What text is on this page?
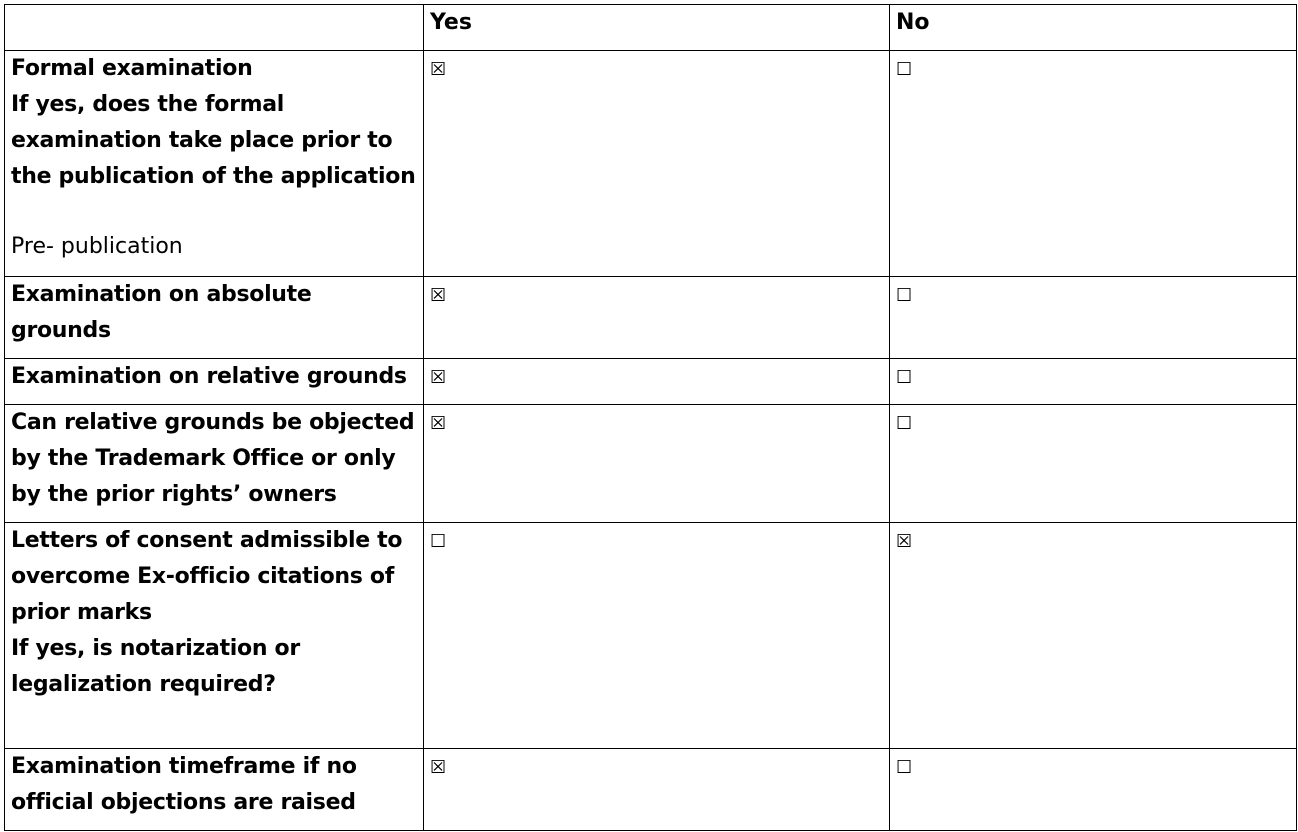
	Yes	No

Formal examination
If yes, does the formal
examination take place prior to
the publication of the application
Pre- publication	☒	☐

Examination on absolute
grounds	☒	☐

Examination on relative grounds	☒	☐

Can relative grounds be objected
by the Trademark Office or only
by the prior rights’ owners	☒	☐

Letters of consent admissible to
overcome Ex-officio citations of
prior marks
If yes, is notarization or
legalization required?	☐	☒

Examination timeframe if no
official objections are raised	☒	☐
